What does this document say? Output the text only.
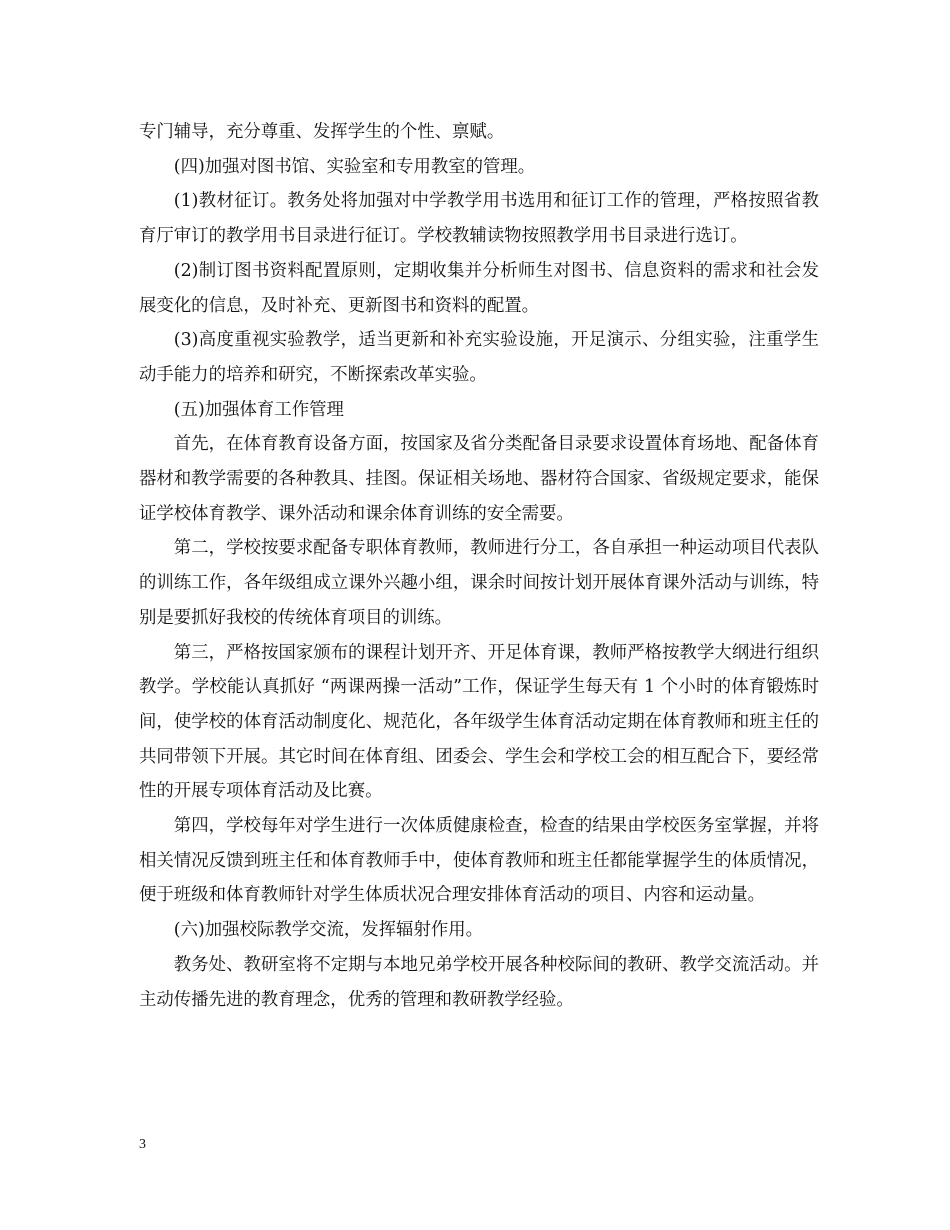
专门辅导，充分尊重、发挥学生的个性、禀赋。

(四)加强对图书馆、实验室和专用教室的管理。

(1)教材征订。教务处将加强对中学教学用书选用和征订工作的管理，严格按照省教育厅审订的教学用书目录进行征订。学校教辅读物按照教学用书目录进行选订。

(2)制订图书资料配置原则，定期收集并分析师生对图书、信息资料的需求和社会发展变化的信息，及时补充、更新图书和资料的配置。

(3)高度重视实验教学，适当更新和补充实验设施，开足演示、分组实验，注重学生动手能力的培养和研究，不断探索改革实验。

(五)加强体育工作管理

首先，在体育教育设备方面，按国家及省分类配备目录要求设置体育场地、配备体育器材和教学需要的各种教具、挂图。保证相关场地、器材符合国家、省级规定要求，能保证学校体育教学、课外活动和课余体育训练的安全需要。

第二，学校按要求配备专职体育教师，教师进行分工，各自承担一种运动项目代表队的训练工作，各年级组成立课外兴趣小组，课余时间按计划开展体育课外活动与训练，特别是要抓好我校的传统体育项目的训练。

第三，严格按国家颁布的课程计划开齐、开足体育课，教师严格按教学大纲进行组织教学。学校能认真抓好 “两课两操一活动”工作，保证学生每天有 1 个小时的体育锻炼时间，使学校的体育活动制度化、规范化，各年级学生体育活动定期在体育教师和班主任的共同带领下开展。其它时间在体育组、团委会、学生会和学校工会的相互配合下，要经常性的开展专项体育活动及比赛。

第四，学校每年对学生进行一次体质健康检查，检查的结果由学校医务室掌握，并将相关情况反馈到班主任和体育教师手中，使体育教师和班主任都能掌握学生的体质情况，便于班级和体育教师针对学生体质状况合理安排体育活动的项目、内容和运动量。

(六)加强校际教学交流，发挥辐射作用。

教务处、教研室将不定期与本地兄弟学校开展各种校际间的教研、教学交流活动。并主动传播先进的教育理念，优秀的管理和教研教学经验。

3
